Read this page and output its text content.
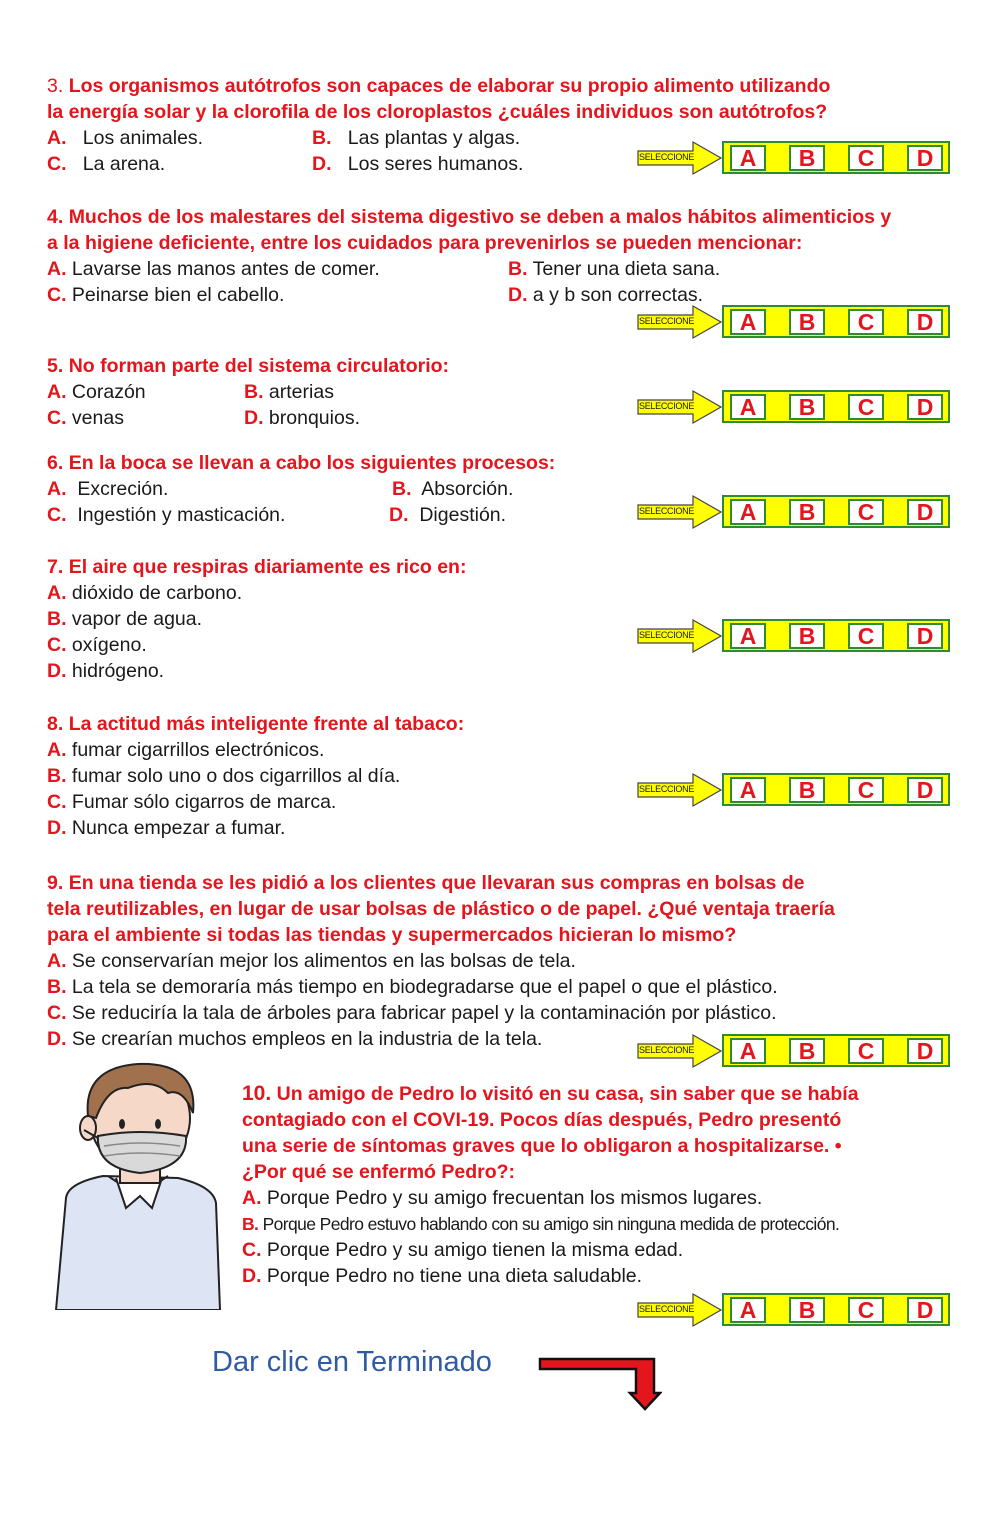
3. Los organismos autótrofos son capaces de elaborar su propio alimento utilizando
la energía solar y la clorofila de los cloroplastos ¿cuáles individuos son autótrofos?
A. Los animales.	B. Las plantas y algas.
C. La arena.	D. Los seres humanos.	SELECCIONE	A	B	C	D
4. Muchos de los malestares del sistema digestivo se deben a malos hábitos alimenticios y
a la higiene deficiente, entre los cuidados para prevenirlos se pueden mencionar:
A. Lavarse las manos antes de comer.	B. Tener una dieta sana.
C. Peinarse bien el cabello.	D. a y b son correctas.
SELECCIONE	A	B	C	D
5. No forman parte del sistema circulatorio:
A. Corazón	B. arterias
C. venas	D. bronquios.
SELECCIONE	A	B	C	D
6. En la boca se llevan a cabo los siguientes procesos:
A. Excreción.	B. Absorción.
C. Ingestión y masticación.	D. Digestión.	SELECCIONE	A	B	C	D
7. El aire que respiras diariamente es rico en:
A. dióxido de carbono.
B. vapor de agua.
C. oxígeno.
D. hidrógeno.
SELECCIONE	A	B	C	D
8. La actitud más inteligente frente al tabaco:
A. fumar cigarrillos electrónicos.
B. fumar solo uno o dos cigarrillos al día.
C. Fumar sólo cigarros de marca.
D. Nunca empezar a fumar.
SELECCIONE	A	B	C	D
9. En una tienda se les pidió a los clientes que llevaran sus compras en bolsas de
tela reutilizables, en lugar de usar bolsas de plástico o de papel. ¿Qué ventaja traería
para el ambiente si todas las tiendas y supermercados hicieran lo mismo?
A. Se conservarían mejor los alimentos en las bolsas de tela.
B. La tela se demoraría más tiempo en biodegradarse que el papel o que el plástico.
C. Se reduciría la tala de árboles para fabricar papel y la contaminación por plástico.
D. Se crearían muchos empleos en la industria de la tela.	SELECCIONE	A	B	C	D
10. Un amigo de Pedro lo visitó en su casa, sin saber que se había
contagiado con el COVI-19. Pocos días después, Pedro presentó
una serie de síntomas graves que lo obligaron a hospitalizarse. •
¿Por qué se enfermó Pedro?:
A. Porque Pedro y su amigo frecuentan los mismos lugares.
B. Porque Pedro estuvo hablando con su amigo sin ninguna medida de protección.
C. Porque Pedro y su amigo tienen la misma edad.
D. Porque Pedro no tiene una dieta saludable.
SELECCIONE	A	B	C	D
Dar clic en Terminado
